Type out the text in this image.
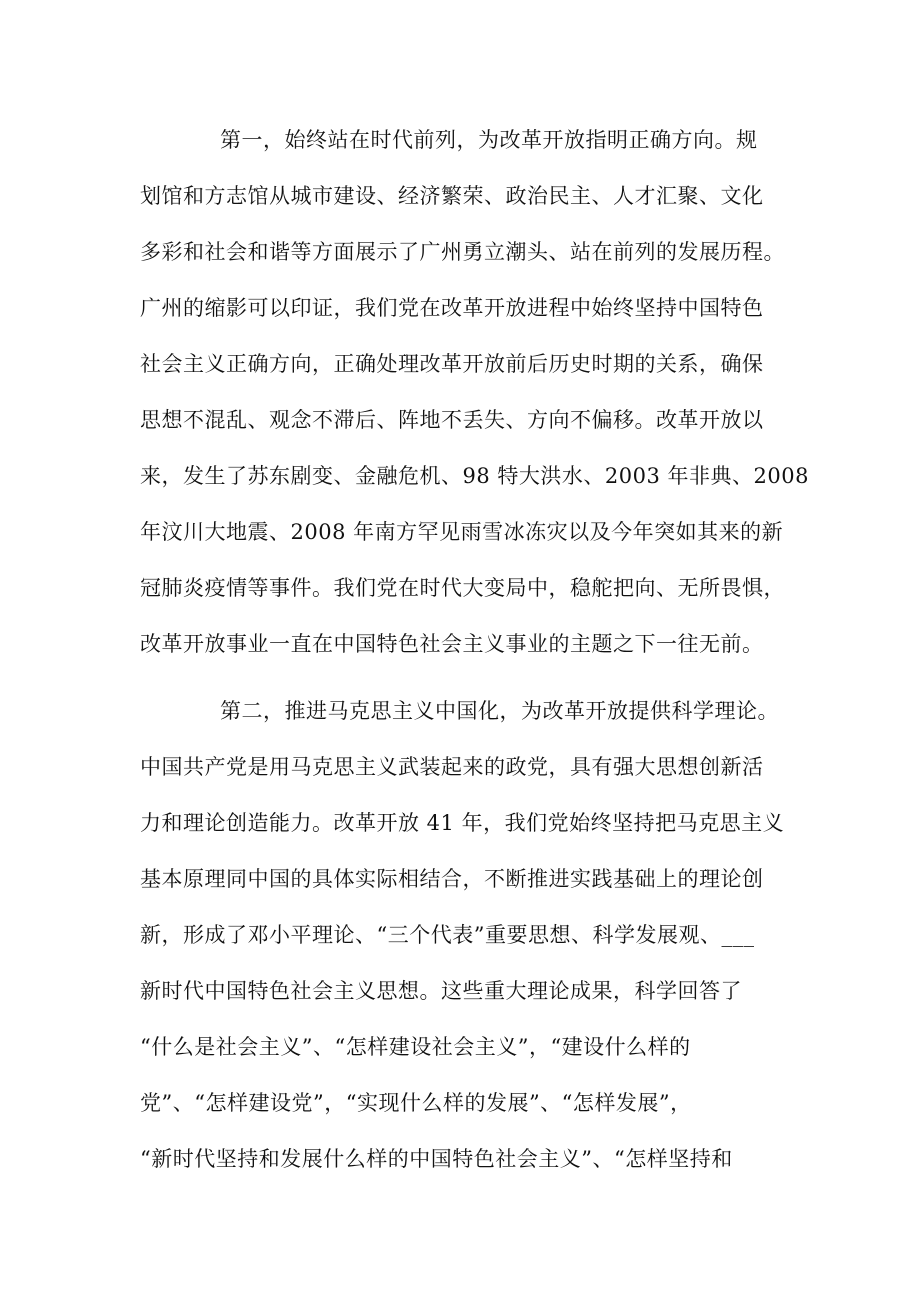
第一，始终站在时代前列，为改革开放指明正确方向。规
划馆和方志馆从城市建设、经济繁荣、政治民主、人才汇聚、文化
多彩和社会和谐等方面展示了广州勇立潮头、站在前列的发展历程。
广州的缩影可以印证，我们党在改革开放进程中始终坚持中国特色
社会主义正确方向，正确处理改革开放前后历史时期的关系，确保
思想不混乱、观念不滞后、阵地不丢失、方向不偏移。改革开放以
来，发生了苏东剧变、金融危机、98 特大洪水、2003 年非典、2008
年汶川大地震、2008 年南方罕见雨雪冰冻灾以及今年突如其来的新
冠肺炎疫情等事件。我们党在时代大变局中，稳舵把向、无所畏惧，
改革开放事业一直在中国特色社会主义事业的主题之下一往无前。
第二，推进马克思主义中国化，为改革开放提供科学理论。
中国共产党是用马克思主义武装起来的政党，具有强大思想创新活
力和理论创造能力。改革开放 41 年，我们党始终坚持把马克思主义
基本原理同中国的具体实际相结合，不断推进实践基础上的理论创
新，形成了邓小平理论、“三个代表”重要思想、科学发展观、___
新时代中国特色社会主义思想。这些重大理论成果，科学回答了
“什么是社会主义”、“怎样建设社会主义”，“建设什么样的
党”、“怎样建设党”，“实现什么样的发展”、“怎样发展”，
“新时代坚持和发展什么样的中国特色社会主义”、“怎样坚持和
